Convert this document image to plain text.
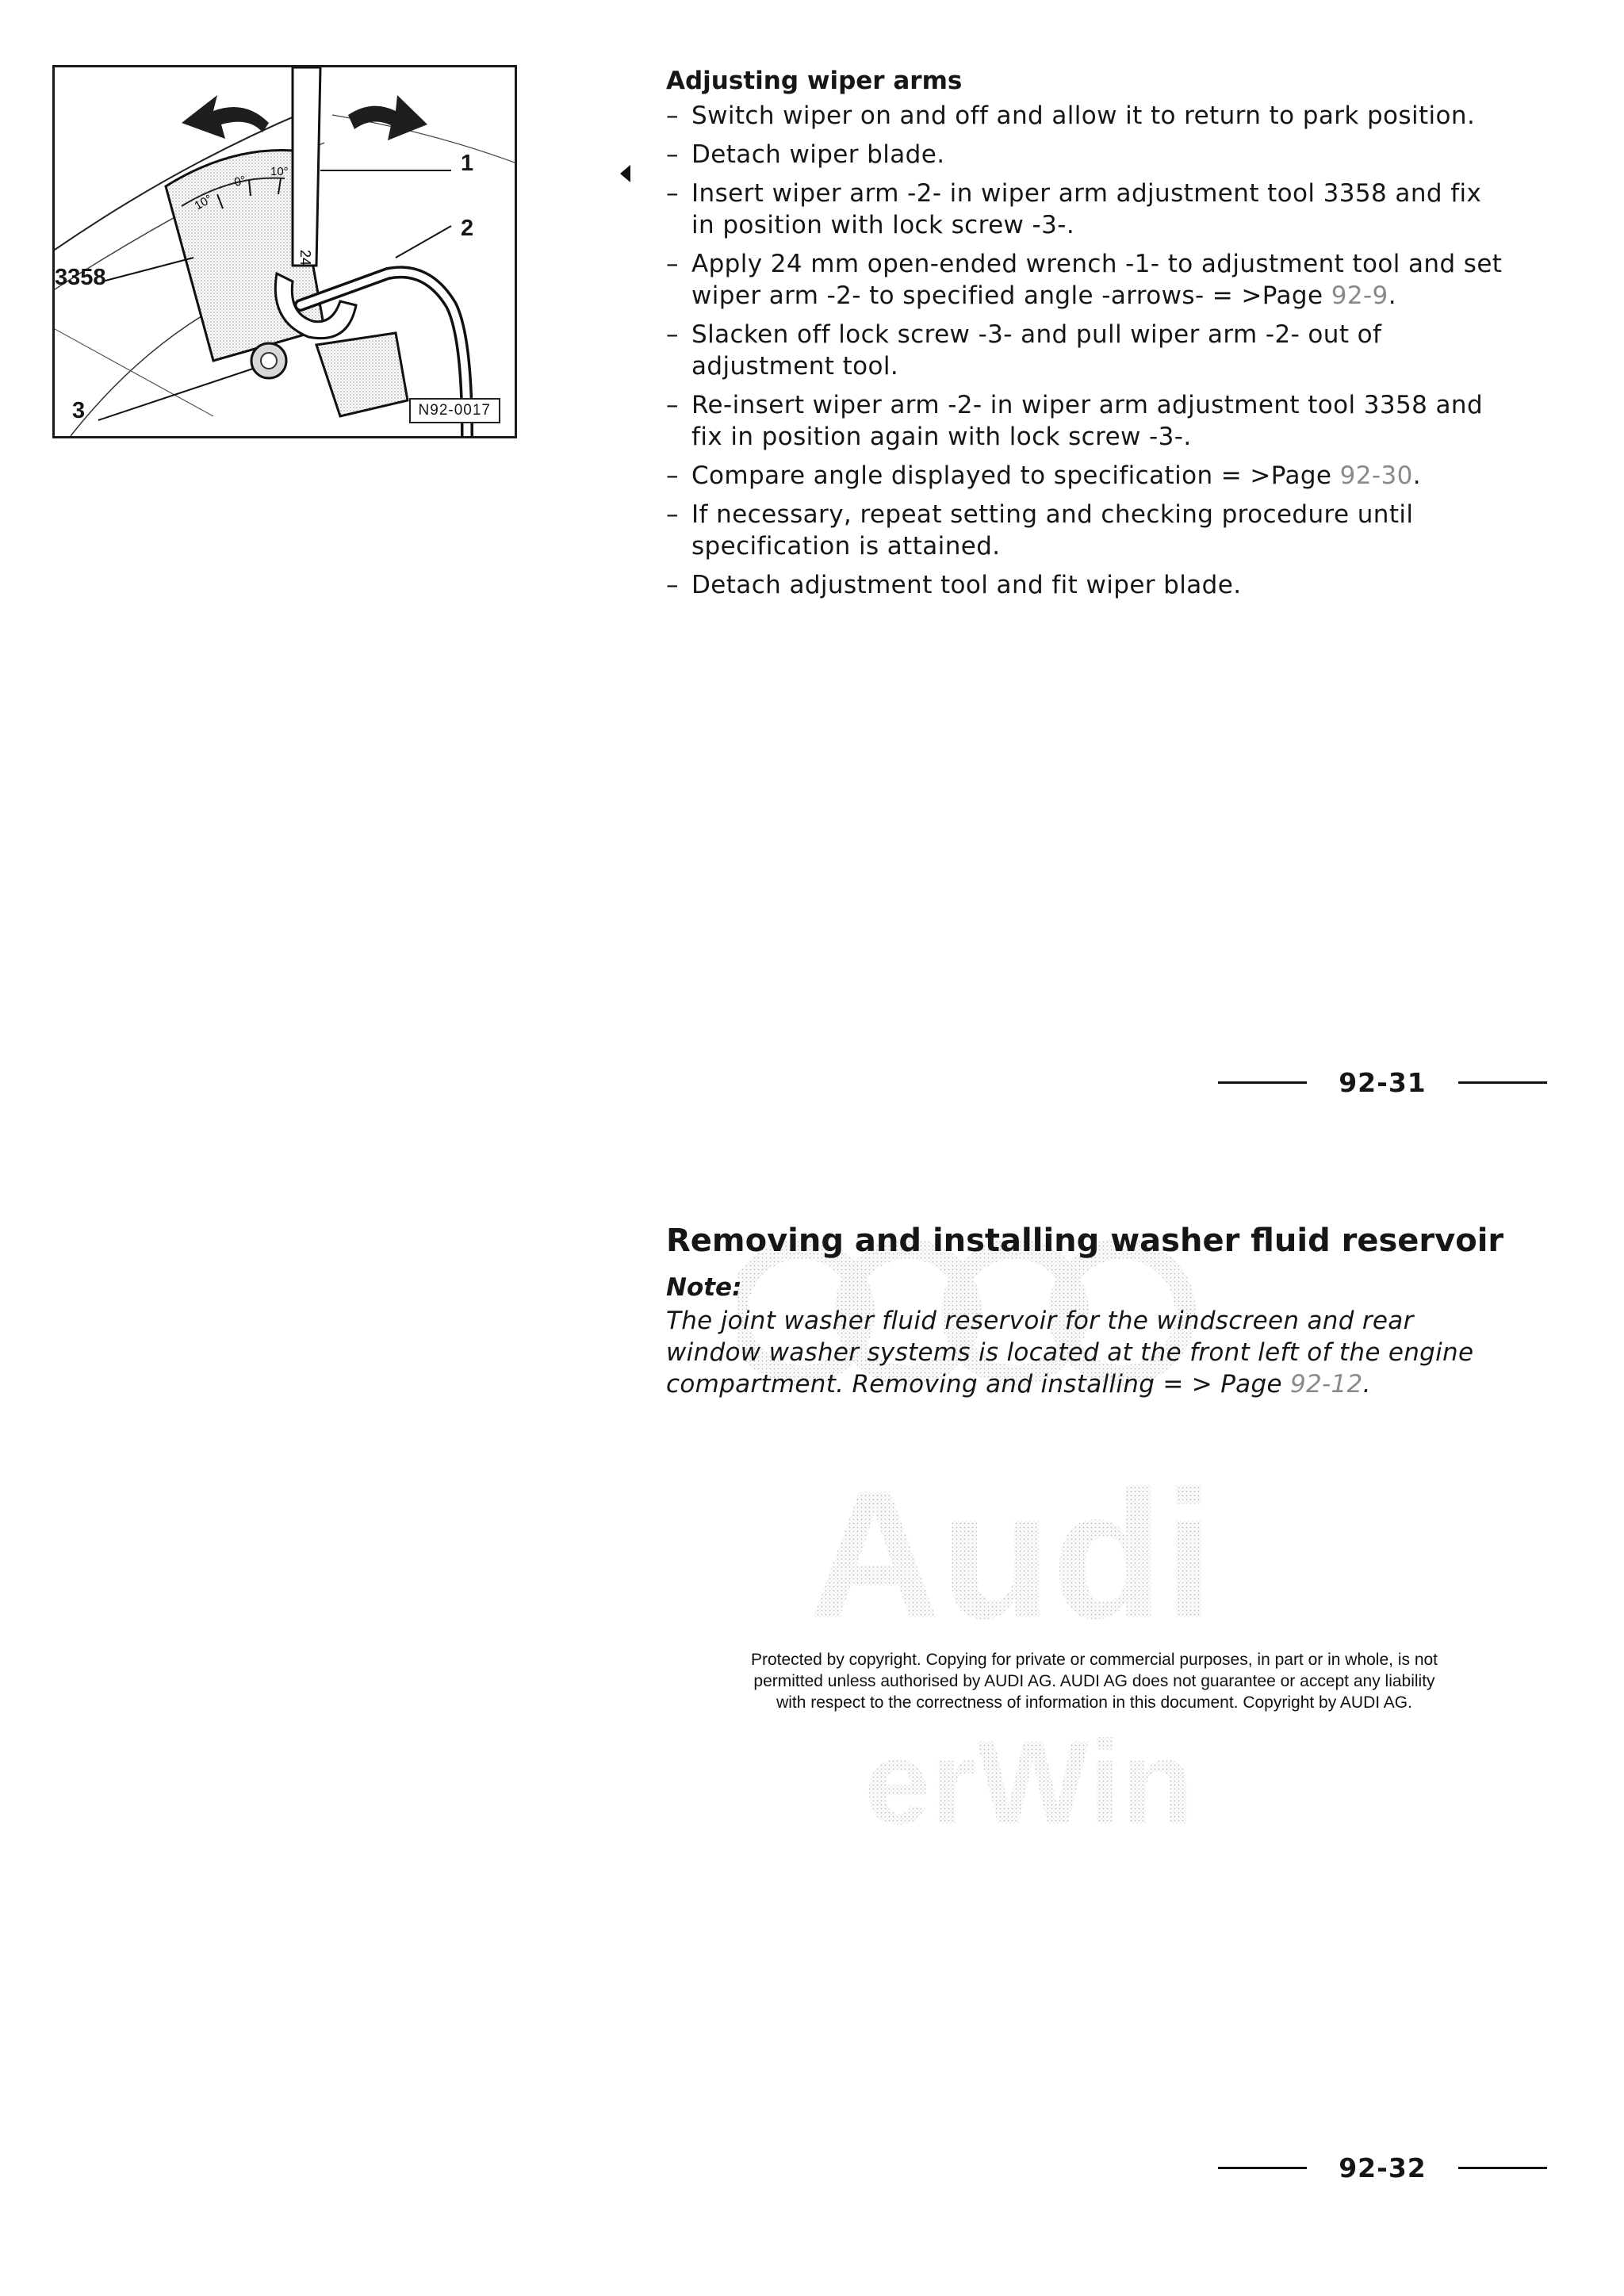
10°
0°
10°
24
1
2
3358
3	N92-0017
Adjusting wiper arms
– Switch wiper on and off and allow it to return to park position.
– Detach wiper blade.
– Insert wiper arm -2- in wiper arm adjustment tool 3358 and fix in position with lock screw -3-.
– Apply 24 mm open-ended wrench -1- to adjustment tool and set wiper arm -2- to specified angle -arrows- = >Page 92-9.
– Slacken off lock screw -3- and pull wiper arm -2- out of adjustment tool.
– Re-insert wiper arm -2- in wiper arm adjustment tool 3358 and fix in position again with lock screw -3-.
– Compare angle displayed to specification = >Page 92-30.
– If necessary, repeat setting and checking procedure until specification is attained.
– Detach adjustment tool and fit wiper blade.
92-31
Audi
erWin
Removing and installing washer fluid reservoir
Note:
The joint washer fluid reservoir for the windscreen and rear window washer systems is located at the front left of the engine compartment. Removing and installing = > Page 92-12.
Protected by copyright. Copying for private or commercial purposes, in part or in whole, is not
permitted unless authorised by AUDI AG. AUDI AG does not guarantee or accept any liability
with respect to the correctness of information in this document. Copyright by AUDI AG.
92-32
